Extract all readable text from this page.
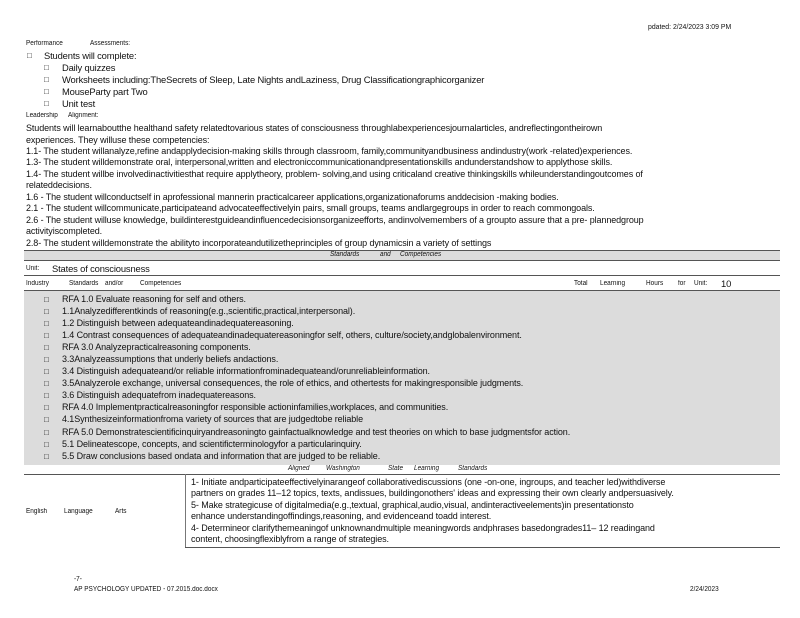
pdated: 2/24/2023 3:09 PM
Performance	Assessments:
□ Students will complete:
□ Daily quizzes
□ Worksheets including:TheSecrets of Sleep, Late Nights andLaziness, Drug Classificationgraphicorganizer
□ MouseParty part Two
□ Unit test
Leadership Alignment:
Students will learnaboutthe healthand safety relatedtovarious states of consciousness throughlabexperiencesjournalarticles, andreflectingontheirown
experiences. They willuse these competencies:
1.1- The student willanalyze,refine andapplydecision-making skills through classroom, family,communityandbusiness andindustry(work -related)experiences.
1.3- The student willdemonstrate oral, interpersonal,written and electroniccommunicationandpresentationskills andunderstandshow to applythose skills.
1.4- The student willbe involvedinactivitiesthat require applytheory, problem- solving,and using criticaland creative thinkingskills whileunderstandingoutcomes of
relateddecisions.
1.6 - The student willconductself in aprofessional mannerin practicalcareer applications,organizationaforums anddecision -making bodies.
2.1 - The student willcommunicate,participateand advocateeffectivelyin pairs, small groups, teams andlargegroups in order to reach commongoals.
2.6 - The student willuse knowledge, buildinterestguideandinfluencedecisionsorganizeefforts, andinvolvemembers of a groupto assure that a pre- plannedgroup
activityiscompleted.
2.8- The student willdemonstrate the abilityto incorporateandutilizetheprinciples of group dynamicsin a variety of settings
Standards	and Competencies
Unit: States of consciousness
Industry	Standards and/or Competencies	Total Learning	Hours for Unit: 10
□ RFA 1.0 Evaluate reasoning for self and others.
□ 1.1Analyzedifferentkinds of reasoning(e.g.,scientific,practical,interpersonal).
□ 1.2 Distinguish between adequateandinadequatereasoning.
□ 1.4 Contrast consequences of adequateandinadequatereasoningfor self, others, culture/society,andglobalenvironment.
□ RFA 3.0 Analyzepracticalreasoning components.
□ 3.3Analyzeassumptions that underly beliefs andactions.
□ 3.4 Distinguish adequateand/or reliable informationfrominadequateand/orunreliableinformation.
□ 3.5Analyzerole exchange, universal consequences, the role of ethics, and othertests for makingresponsible judgments.
□ 3.6 Distinguish adequatefrom inadequatereasons.
□ RFA 4.0 Implementpracticalreasoningfor responsible actioninfamilies,workplaces, and communities.
□ 4.1Synthesizeinformationfroma variety of sources that are judgedtobe reliable
□ RFA 5.0 Demonstratescientificinquiryandreasoningto gainfactualknowledge and test theories on which to base judgmentsfor action.
□ 5.1 Delineatescope, concepts, and scientificterminologyfor a particularinquiry.
□ 5.5 Draw conclusions based ondata and information that are judged to be reliable.
Aligned Washington	State Learning	Standards
English Language	Arts
1- Initiate andparticipateeffectivelyinarangeof collaborativediscussions (one -on-one, ingroups, and teacher led)withdiverse
partners on grades 11–12 topics, texts, andissues, buildingonothers' ideas and expressing their own clearly andpersuasively.
5- Make strategicuse of digitalmedia(e.g.,textual, graphical,audio,visual, andinteractiveelements)in presentationsto
enhance understandingoffindings,reasoning, and evidenceand toadd interest.
4- Determineor clarifythemeaningof unknownandmultiple meaningwords andphrases basedongrades11– 12 readingand
content, choosingflexiblyfrom a range of strategies.
-7-
AP PSYCHOLOGY UPDATED - 07.2015.doc.docx	2/24/2023
